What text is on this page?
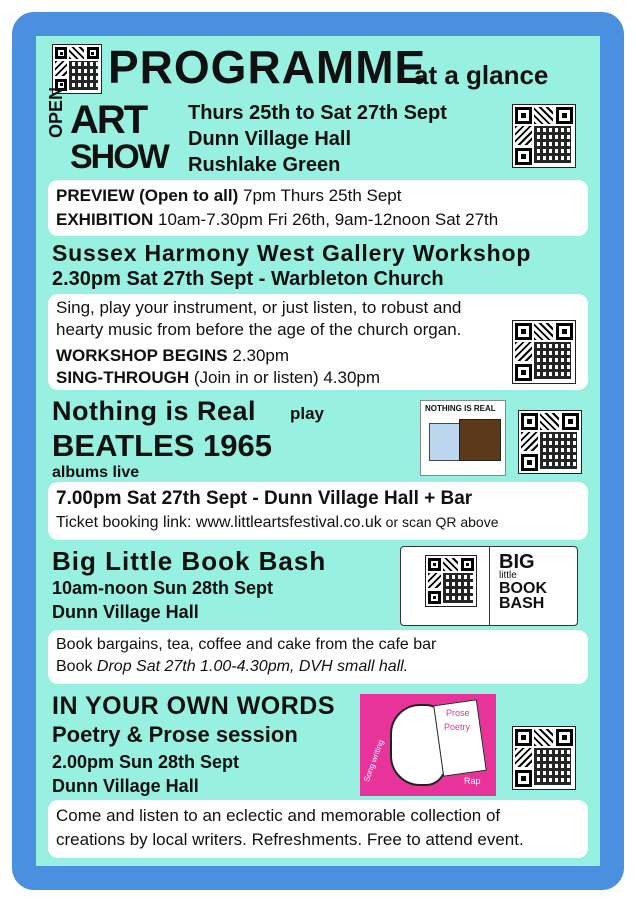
PROGRAMME
at a glance
OPEN ART
SHOW
Thurs 25th to Sat 27th Sept
Dunn Village Hall
Rushlake Green
PREVIEW (Open to all) 7pm Thurs 25th Sept
EXHIBITION 10am-7.30pm Fri 26th, 9am-12noon Sat 27th
Sussex Harmony West Gallery Workshop
2.30pm Sat 27th Sept - Warbleton Church
Sing, play your instrument, or just listen, to robust and
hearty music from before the age of the church organ.
WORKSHOP BEGINS 2.30pm
SING-THROUGH (Join in or listen) 4.30pm
Nothing is Real play
BEATLES 1965
albums live
NOTHING IS REAL
7.00pm Sat 27th Sept - Dunn Village Hall + Bar
Ticket booking link: www.littleartsfestival.co.uk or scan QR above
Big Little Book Bash
10am-noon Sun 28th Sept
Dunn Village Hall
BIG
little
BOOK
BASH
Book bargains, tea, coffee and cake from the cafe bar
Book Drop Sat 27th 1.00-4.30pm, DVH small hall.
IN YOUR OWN WORDS
Poetry & Prose session
2.00pm Sun 28th Sept
Dunn Village Hall
Song writing
Prose
Poetry
Rap
Come and listen to an eclectic and memorable collection of
creations by local writers. Refreshments. Free to attend event.
